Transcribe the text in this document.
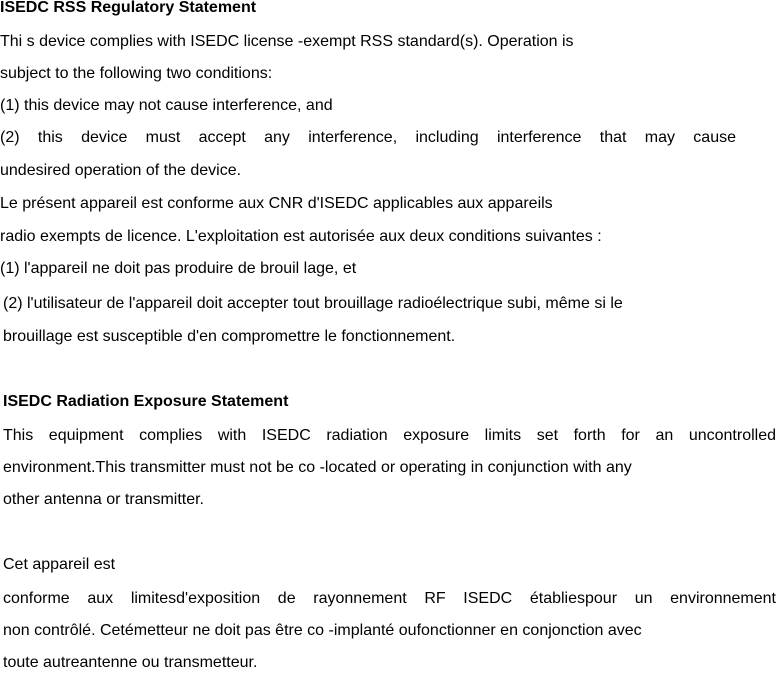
ISEDC RSS Regulatory Statement
Thi s device complies with ISEDC license -exempt RSS standard(s). Operation is
subject to the following two conditions:
(1) this device may not cause interference, and
(2) this device must accept any interference, including interference that may cause
undesired operation of the device.
Le présent appareil est conforme aux CNR d'ISEDC applicables aux appareils
radio exempts de licence. L'exploitation est autorisée aux deux conditions suivantes :
(1) l'appareil ne doit pas produire de brouil lage, et
(2) l'utilisateur de l'appareil doit accepter tout brouillage radioélectrique subi, même si le
brouillage est susceptible d'en compromettre le fonctionnement.
ISEDC Radiation Exposure Statement
This equipment complies with ISEDC radiation exposure limits set forth for an uncontrolled
environment.This transmitter must not be co -located or operating in conjunction with any
other antenna or transmitter.
Cet appareil est
conforme aux limitesd'exposition de rayonnement RF ISEDC établiespour un environnement
non contrôlé. Cetémetteur ne doit pas être co -implanté oufonctionner en conjonction avec
toute autreantenne ou transmetteur.
